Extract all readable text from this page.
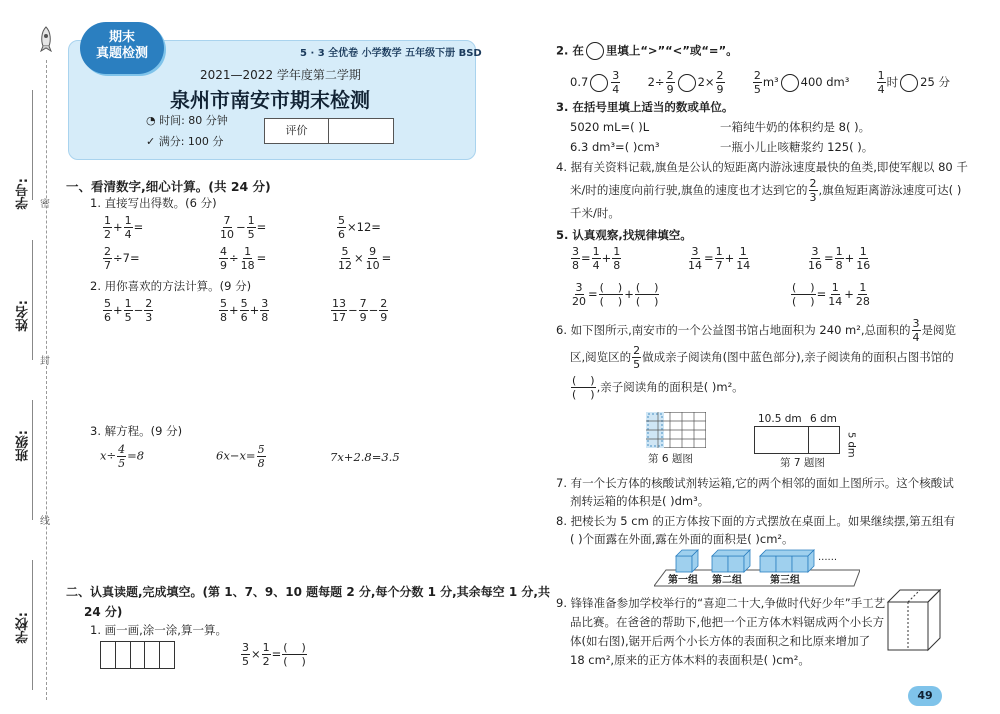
学号:
姓名:
班级:
学校:
密
封
线
期末
真题检测	5 · 3 全优卷 小学数学 五年级下册 BSD
2021—2022 学年度第二学期
泉州市南安市期末检测
◔ 时间: 80 分钟
✓ 满分: 100 分
评价
一、看清数字,细心计算。(共 24 分)
1. 直接写出得数。(6 分)
$\frac{1}{2} + \frac{1}{4}$ =	$\frac{7}{10} - \frac{1}{5}$ =	$\frac{5}{6} \times 12=$
$\frac{2}{7} \div 7=$	$\frac{4}{9} \div \frac{1}{18}$ =	$\frac{5}{12} \times \frac{9}{10}$ =
2. 用你喜欢的方法计算。(9 分)
$\frac{5}{6} + \frac{1}{5} - \frac{2}{3}$	$\frac{5}{8} + \frac{5}{6} + \frac{3}{8}$	$\frac{13}{17} - \frac{7}{9} - \frac{2}{9}$
3. 解方程。(9 分)
$x\div \frac{4}{5} =8$	$6x-x= \frac{5}{8}$	7x+2.8=3.5
二、认真读题,完成填空。(第 1、7、9、10 题每题 2 分,每个分数 1 分,其余每空 1 分,共
24 分)
1. 画一画,涂一涂,算一算。
$\frac{3}{5} \times \frac{1}{2} = \frac{( )}{( )}$
2. 在 里填上“>”“<”或“=”。
$0.7 \frac{3}{4} 2\div \frac{2}{9} 2\times \frac{2}{9}$	$\frac{2}{5} m^3$ 400 $dm^3 \frac{1}{4}$ 时 25 分
3. 在括号里填上适当的数或单位。
5020 mL=( )L	一箱纯牛奶的体积约是 8( )。
6.3 dm³=( )cm³	一瓶小儿止咳糖浆约 125( )。
4. 据有关资料记载,旗鱼是公认的短距离内游泳速度最快的鱼类,即使军舰以 80 千
米/时的速度向前行驶,旗鱼的速度也才达到它的 $\frac{2}{3}$ ,旗鱼短距离游泳速度可达( )
千米/时。
5. 认真观察,找规律填空。
$\frac{3}{8} = \frac{1}{4} + \frac{1}{8}$	$\frac{3}{14} = \frac{1}{7} + \frac{1}{14}$	$\frac{3}{16} = \frac{1}{8} + \frac{1}{16}$
$\frac{3}{20} = \frac{( )}{( )} + \frac{( )}{( )}$	$\frac{( )}{( )} = \frac{1}{14} + \frac{1}{28}$
6. 如下图所示,南安市的一个公益图书馆占地面积为 240 m²,总面积的 $\frac{3}{4}$ 是阅览
区,阅览区的 $\frac{2}{5}$ 做成亲子阅读角(图中蓝色部分),亲子阅读角的面积占图书馆的
$\frac{( )}{( )}$ ,亲子阅读角的面积是( )m²。
第 6 题图
10.5 dm 6 dm
5 dm
第 7 题图
7. 有一个长方体的核酸试剂转运箱,它的两个相邻的面如上图所示。这个核酸试
剂转运箱的体积是( )dm³。
8. 把棱长为 5 cm 的正方体按下面的方式摆放在桌面上。如果继续摆,第五组有
( )个面露在外面,露在外面的面积是( )cm²。
第一组 第二组	第三组
······
9. 锋锋准备参加学校举行的“喜迎二十大,争做时代好少年”手工艺
品比赛。在爸爸的帮助下,他把一个正方体木料锯成两个小长方
体(如右图),锯开后两个小长方体的表面积之和比原来增加了
18 cm²,原来的正方体木料的表面积是( )cm²。
49
